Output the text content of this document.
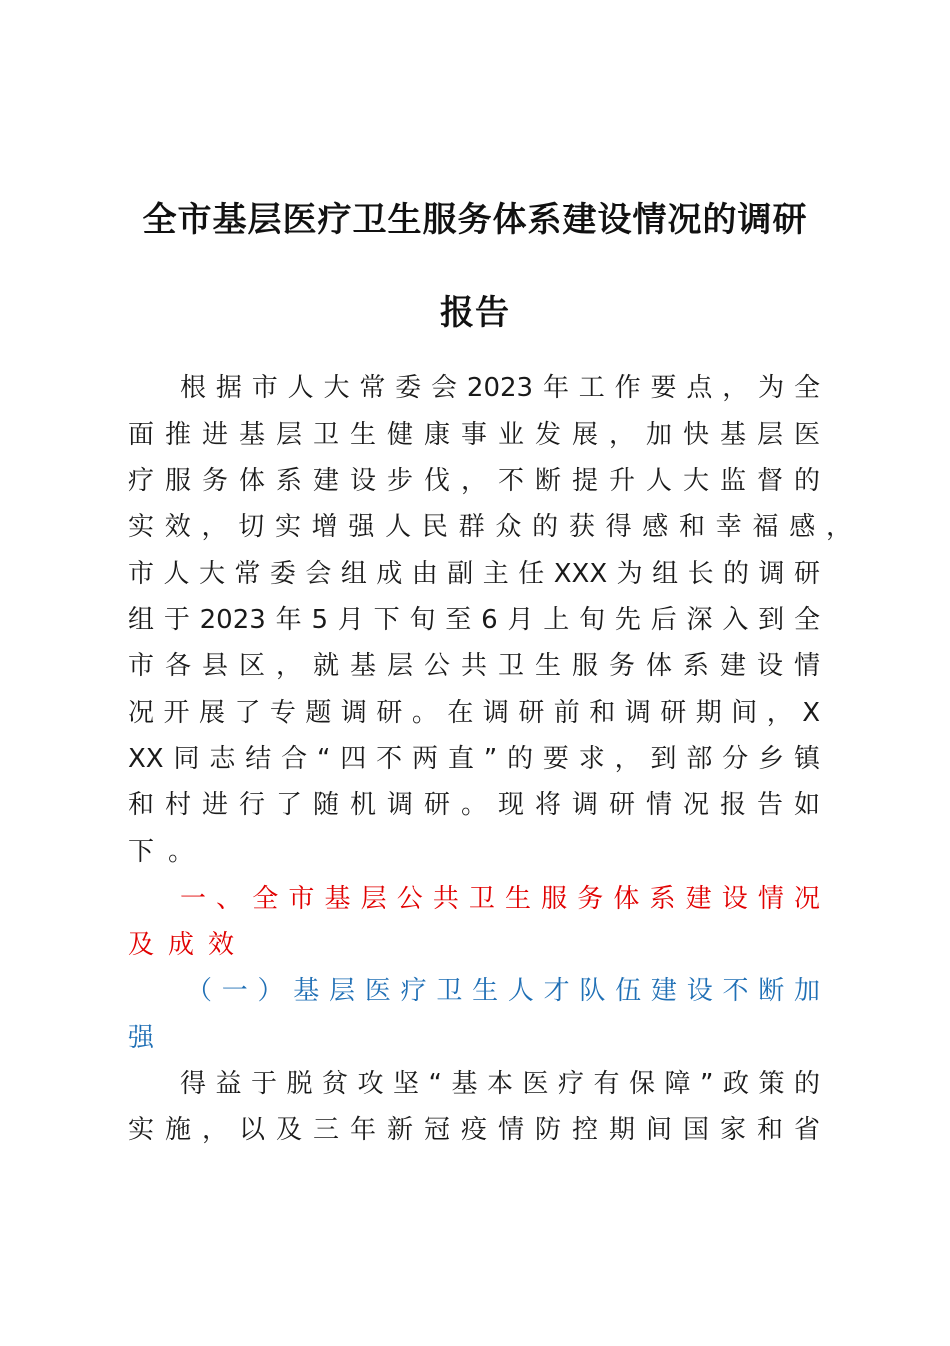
全市基层医疗卫生服务体系建设情况的调研
报告
根据市人大常委会2023年工作要点，为全
面推进基层卫生健康事业发展，加快基层医
疗服务体系建设步伐，不断提升人大监督的
实效，切实增强人民群众的获得感和幸福感，
市人大常委会组成由副主任XXX为组长的调研
组于2023年5月下旬至6月上旬先后深入到全
市各县区，就基层公共卫生服务体系建设情
况开展了专题调研。在调研前和调研期间，X
XX同志结合“四不两直”的要求，到部分乡镇
和村进行了随机调研。现将调研情况报告如
下。
一、全市基层公共卫生服务体系建设情况
及成效
（一）基层医疗卫生人才队伍建设不断加
强
得益于脱贫攻坚“基本医疗有保障”政策的
实施，以及三年新冠疫情防控期间国家和省
